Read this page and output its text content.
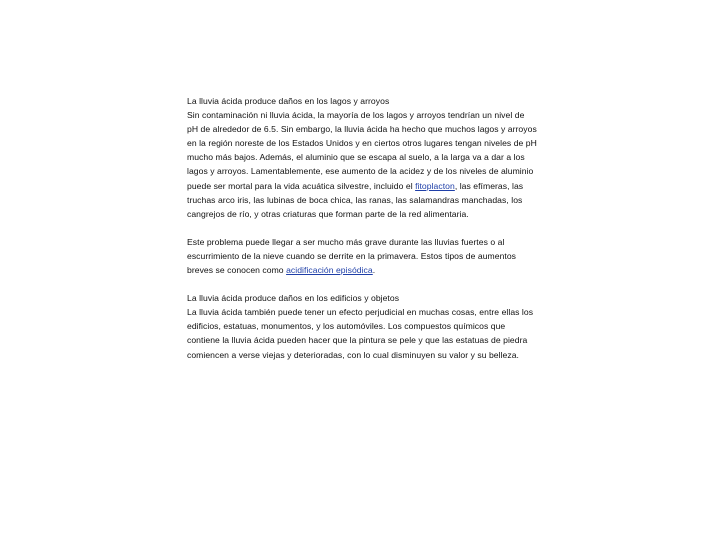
La lluvia ácida produce daños en los lagos y arroyos
Sin contaminación ni lluvia ácida, la mayoría de los lagos y arroyos tendrían un nivel de pH de alrededor de 6.5. Sin embargo, la lluvia ácida ha hecho que muchos lagos y arroyos en la región noreste de los Estados Unidos y en ciertos otros lugares tengan niveles de pH mucho más bajos. Además, el aluminio que se escapa al suelo, a la larga va a dar a los lagos y arroyos. Lamentablemente, ese aumento de la acidez y de los niveles de aluminio puede ser mortal para la vida acuática silvestre, incluido el fitoplacton, las efímeras, las truchas arco iris, las lubinas de boca chica, las ranas, las salamandras manchadas, los cangrejos de río, y otras criaturas que forman parte de la red alimentaria.

Este problema puede llegar a ser mucho más grave durante las lluvias fuertes o al escurrimiento de la nieve cuando se derrite en la primavera. Estos tipos de aumentos breves se conocen como acidificación episódica.

La lluvia ácida produce daños en los edificios y objetos
La lluvia ácida también puede tener un efecto perjudicial en muchas cosas, entre ellas los edificios, estatuas, monumentos, y los automóviles. Los compuestos químicos que contiene la lluvia ácida pueden hacer que la pintura se pele y que las estatuas de piedra comiencen a verse viejas y deterioradas, con lo cual disminuyen su valor y su belleza.
